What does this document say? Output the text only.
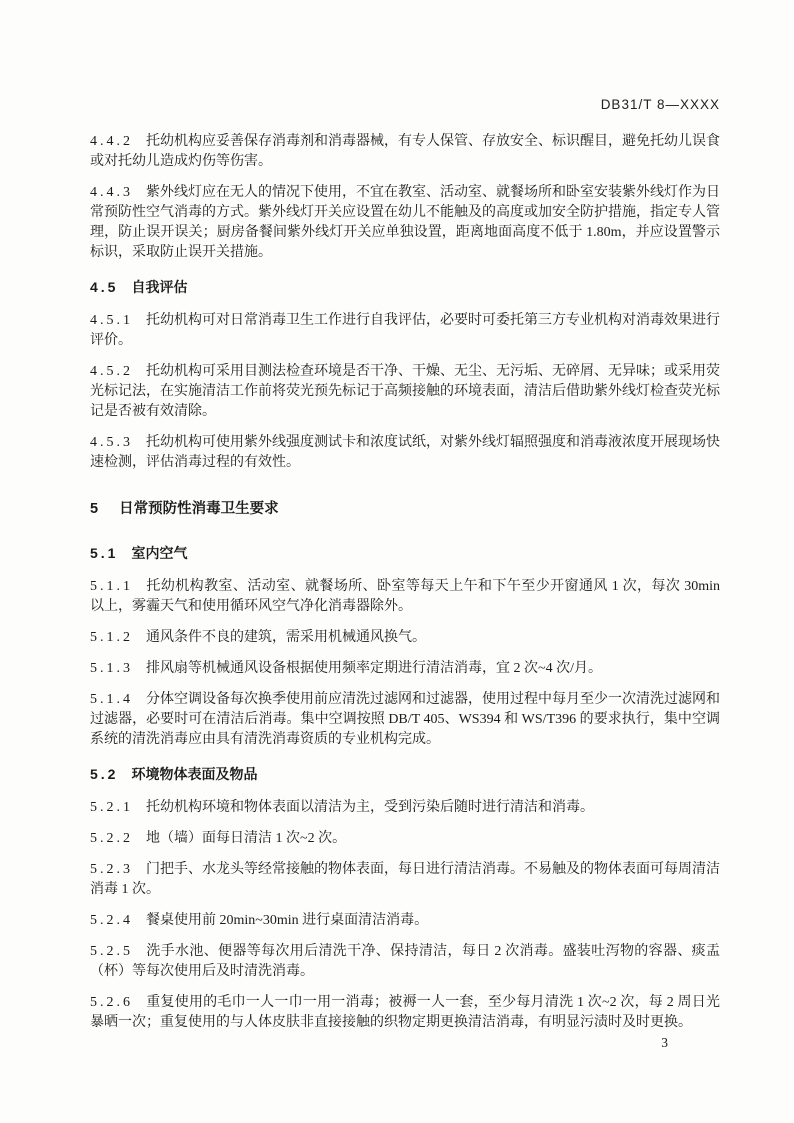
DB31/T 8—XXXX

4.4.2 托幼机构应妥善保存消毒剂和消毒器械，有专人保管、存放安全、标识醒目，避免托幼儿误食或对托幼儿造成灼伤等伤害。

4.4.3 紫外线灯应在无人的情况下使用，不宜在教室、活动室、就餐场所和卧室安装紫外线灯作为日常预防性空气消毒的方式。紫外线灯开关应设置在幼儿不能触及的高度或加安全防护措施，指定专人管理，防止误开误关；厨房备餐间紫外线灯开关应单独设置，距离地面高度不低于 1.80m，并应设置警示标识，采取防止误开关措施。

4.5 自我评估

4.5.1 托幼机构可对日常消毒卫生工作进行自我评估，必要时可委托第三方专业机构对消毒效果进行评价。

4.5.2 托幼机构可采用目测法检查环境是否干净、干燥、无尘、无污垢、无碎屑、无异味；或采用荧光标记法，在实施清洁工作前将荧光预先标记于高频接触的环境表面，清洁后借助紫外线灯检查荧光标记是否被有效清除。

4.5.3 托幼机构可使用紫外线强度测试卡和浓度试纸，对紫外线灯辐照强度和消毒液浓度开展现场快速检测，评估消毒过程的有效性。

5 日常预防性消毒卫生要求
5.1 室内空气

5.1.1 托幼机构教室、活动室、就餐场所、卧室等每天上午和下午至少开窗通风 1 次，每次 30min 以上，雾霾天气和使用循环风空气净化消毒器除外。

5.1.2 通风条件不良的建筑，需采用机械通风换气。

5.1.3 排风扇等机械通风设备根据使用频率定期进行清洁消毒，宜 2 次~4 次/月。

5.1.4 分体空调设备每次换季使用前应清洗过滤网和过滤器，使用过程中每月至少一次清洗过滤网和过滤器，必要时可在清洁后消毒。集中空调按照 DB/T 405、WS394 和 WS/T396 的要求执行，集中空调系统的清洗消毒应由具有清洗消毒资质的专业机构完成。

5.2 环境物体表面及物品

5.2.1 托幼机构环境和物体表面以清洁为主，受到污染后随时进行清洁和消毒。

5.2.2 地（墙）面每日清洁 1 次~2 次。

5.2.3 门把手、水龙头等经常接触的物体表面，每日进行清洁消毒。不易触及的物体表面可每周清洁消毒 1 次。

5.2.4 餐桌使用前 20min~30min 进行桌面清洁消毒。

5.2.5 洗手水池、便器等每次用后清洗干净、保持清洁，每日 2 次消毒。盛装吐泻物的容器、痰盂（杯）等每次使用后及时清洗消毒。

5.2.6 重复使用的毛巾一人一巾一用一消毒；被褥一人一套，至少每月清洗 1 次~2 次，每 2 周日光暴晒一次；重复使用的与人体皮肤非直接接触的织物定期更换清洁消毒，有明显污渍时及时更换。

3
